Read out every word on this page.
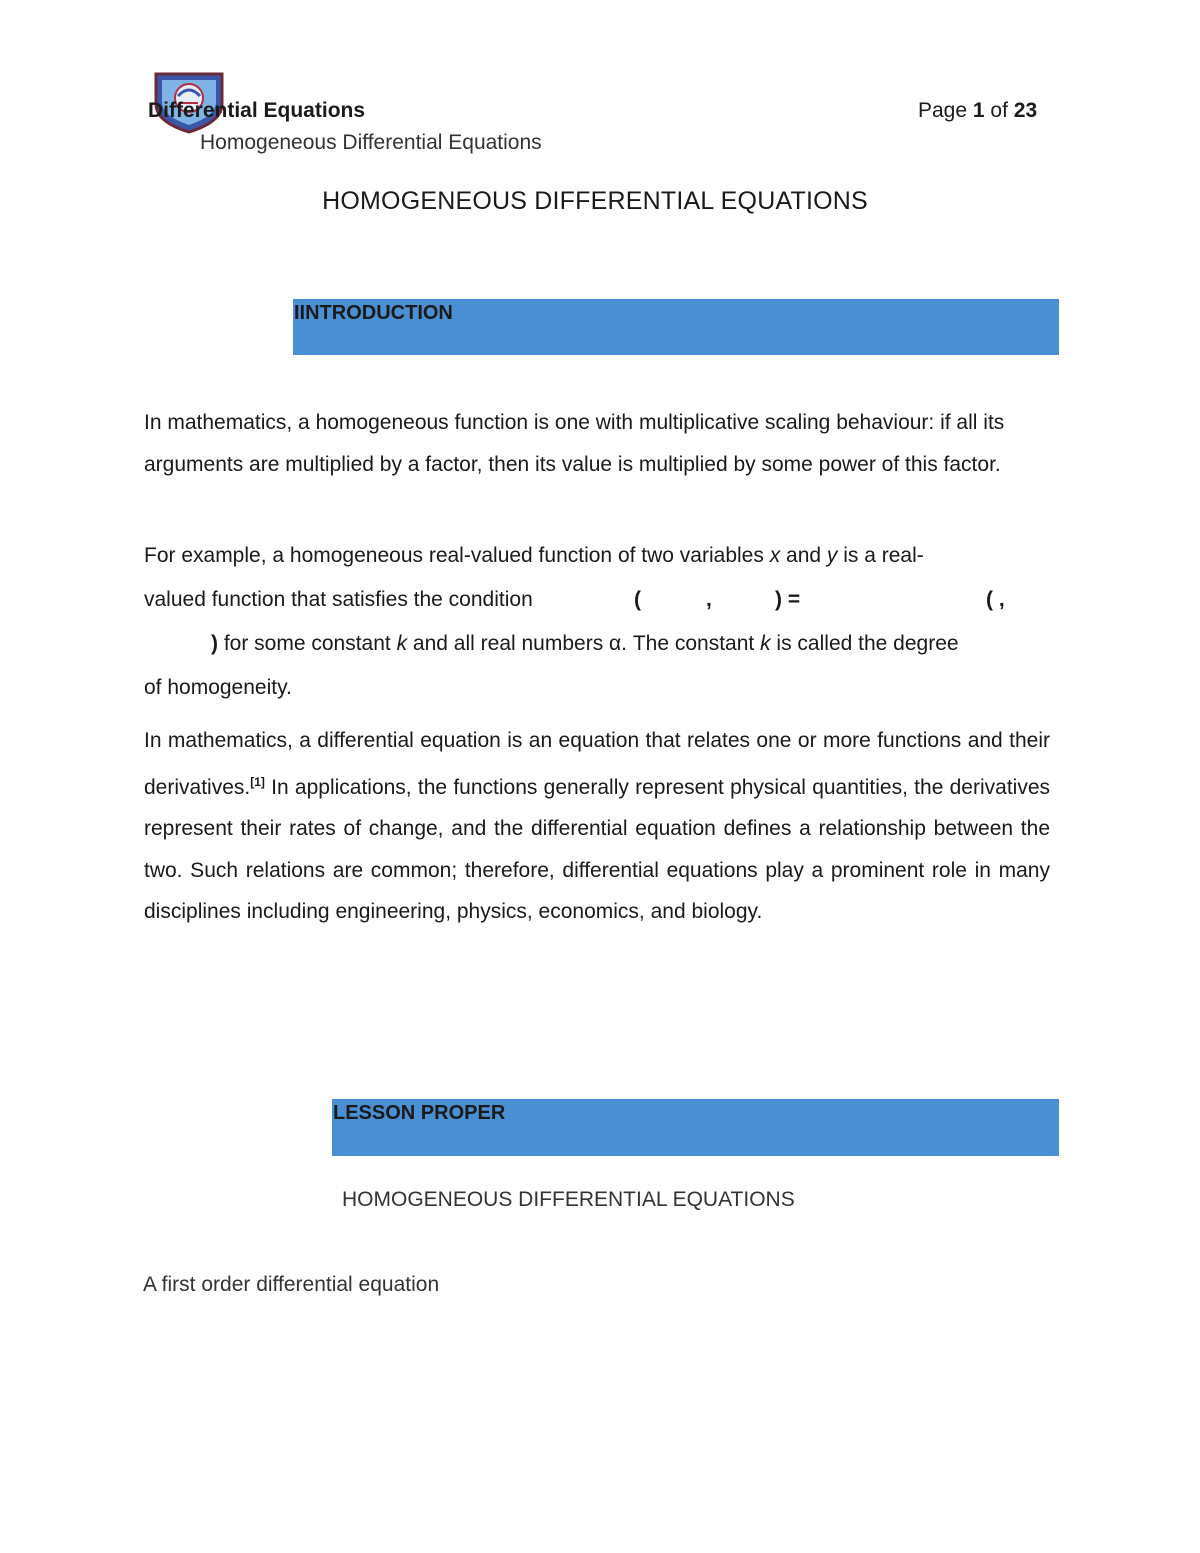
Differential Equations	Page 1 of 23
Homogeneous Differential Equations
HOMOGENEOUS DIFFERENTIAL EQUATIONS
IINTRODUCTION
In mathematics, a homogeneous function is one with multiplicative scaling behaviour: if all its arguments are multiplied by a factor, then its value is multiplied by some power of this factor.
For example, a homogeneous real-valued function of two variables x and y is a real-
valued function that satisfies the condition	(	,	) =	( ,
) for some constant k and all real numbers α. The constant k is called the degree
of homogeneity.
In mathematics, a differential equation is an equation that relates one or more functions and their derivatives.[1] In applications, the functions generally represent physical quantities, the derivatives represent their rates of change, and the differential equation defines a relationship between the two. Such relations are common; therefore, differential equations play a prominent role in many disciplines including engineering, physics, economics, and biology.
LESSON PROPER
HOMOGENEOUS DIFFERENTIAL EQUATIONS
A first order differential equation
